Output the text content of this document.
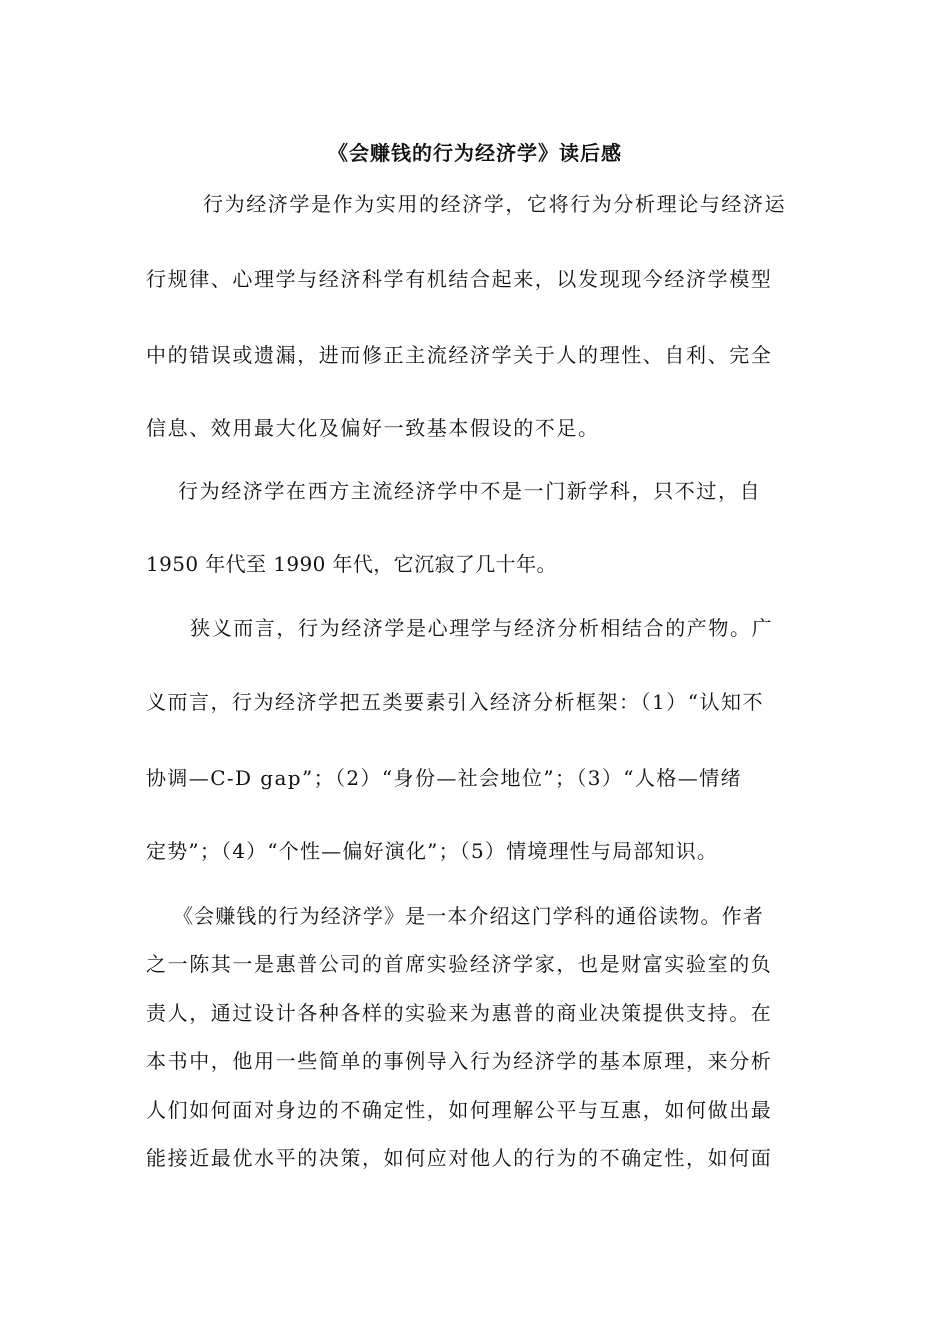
《会赚钱的行为经济学》读后感
行为经济学是作为实用的经济学，它将行为分析理论与经济运
行规律、心理学与经济科学有机结合起来，以发现现今经济学模型
中的错误或遗漏，进而修正主流经济学关于人的理性、自利、完全
信息、效用最大化及偏好一致基本假设的不足。
行为经济学在西方主流经济学中不是一门新学科，只不过，自
1950 年代至 1990 年代，它沉寂了几十年。
狭义而言，行为经济学是心理学与经济分析相结合的产物。广
义而言，行为经济学把五类要素引入经济分析框架：（1）“认知不
协调—C-D gap”；（2）“身份—社会地位”；（3）“人格—情绪
定势”；（4）“个性—偏好演化”；（5）情境理性与局部知识。
《会赚钱的行为经济学》是一本介绍这门学科的通俗读物。作者
之一陈其一是惠普公司的首席实验经济学家，也是财富实验室的负
责人，通过设计各种各样的实验来为惠普的商业决策提供支持。在
本书中，他用一些简单的事例导入行为经济学的基本原理，来分析
人们如何面对身边的不确定性，如何理解公平与互惠，如何做出最
能接近最优水平的决策，如何应对他人的行为的不确定性，如何面
